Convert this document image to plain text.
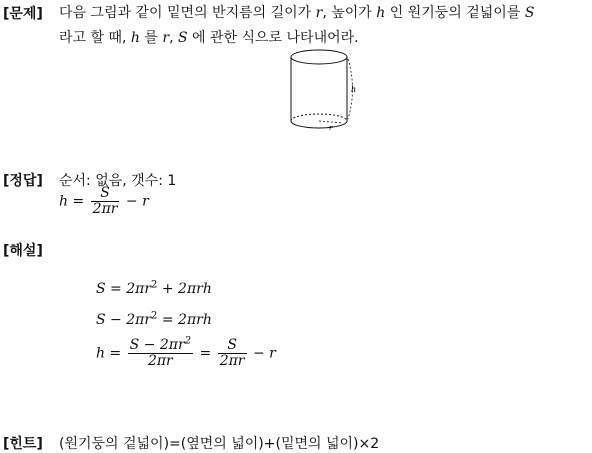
[문제] 다음 그림과 같이 밑면의 반지름의 길이가 r, 높이가 h 인 원기둥의 겉넓이를 S
라고 할 때, h 를 r, S 에 관한 식으로 나타내어라.
h
r
[정답] 순서: 없음, 갯수: 1
$h = \frac{S}{2\pi r} - r$
[해설]
$S = 2\pi r^2 + 2\pi rh$
$S - 2\pi r^2 = 2\pi rh$
$h = \frac{S - 2\pi r^2}{2\pi r} = \frac{S}{2\pi r} - r$
[힌트] (원기둥의 겉넓이)=(옆면의 넓이)+(밑면의 넓이)×2
